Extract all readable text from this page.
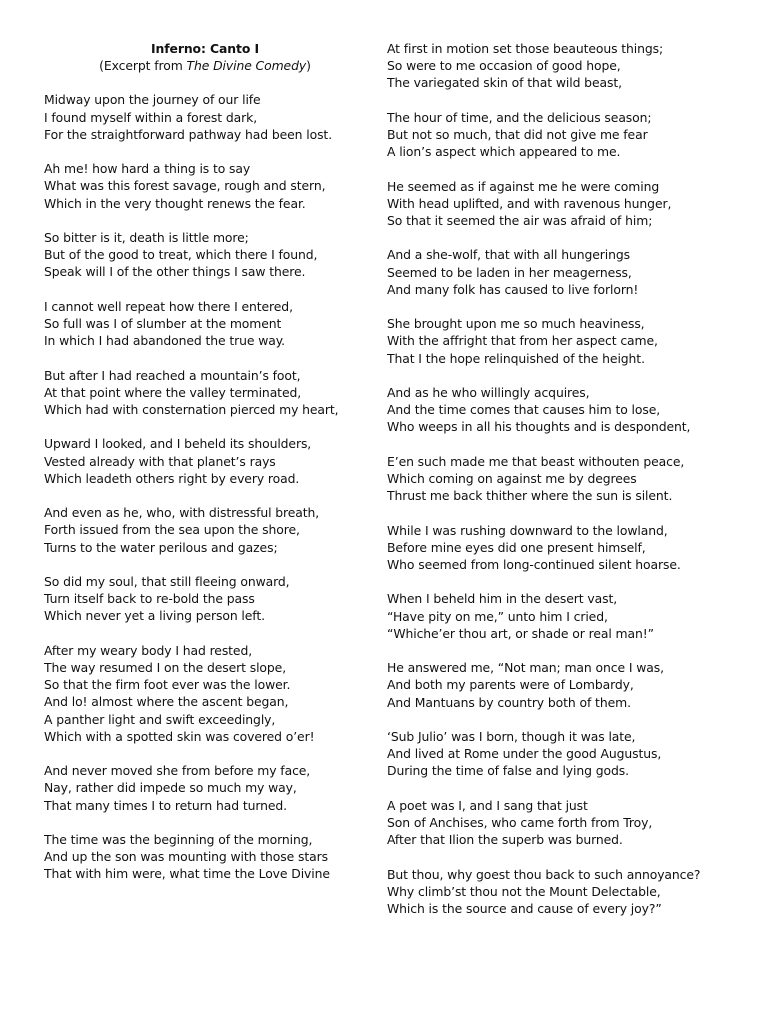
Inferno: Canto I

(Excerpt from The Divine Comedy)

Midway upon the journey of our life
I found myself within a forest dark,
For the straightforward pathway had been lost.
Ah me! how hard a thing is to say
What was this forest savage, rough and stern,
Which in the very thought renews the fear.
So bitter is it, death is little more;
But of the good to treat, which there I found,
Speak will I of the other things I saw there.
I cannot well repeat how there I entered,
So full was I of slumber at the moment
In which I had abandoned the true way.
But after I had reached a mountain’s foot,
At that point where the valley terminated,
Which had with consternation pierced my heart,
Upward I looked, and I beheld its shoulders,
Vested already with that planet’s rays
Which leadeth others right by every road.
And even as he, who, with distressful breath,
Forth issued from the sea upon the shore,
Turns to the water perilous and gazes;
So did my soul, that still fleeing onward,
Turn itself back to re-bold the pass
Which never yet a living person left.
After my weary body I had rested,
The way resumed I on the desert slope,
So that the firm foot ever was the lower.
And lo! almost where the ascent began,
A panther light and swift exceedingly,
Which with a spotted skin was covered o’er!
And never moved she from before my face,
Nay, rather did impede so much my way,
That many times I to return had turned.
The time was the beginning of the morning,
And up the son was mounting with those stars
That with him were, what time the Love Divine
At first in motion set those beauteous things;
So were to me occasion of good hope,
The variegated skin of that wild beast,
The hour of time, and the delicious season;
But not so much, that did not give me fear
A lion’s aspect which appeared to me.
He seemed as if against me he were coming
With head uplifted, and with ravenous hunger,
So that it seemed the air was afraid of him;
And a she-wolf, that with all hungerings
Seemed to be laden in her meagerness,
And many folk has caused to live forlorn!
She brought upon me so much heaviness,
With the affright that from her aspect came,
That I the hope relinquished of the height.
And as he who willingly acquires,
And the time comes that causes him to lose,
Who weeps in all his thoughts and is despondent,
E’en such made me that beast withouten peace,
Which coming on against me by degrees
Thrust me back thither where the sun is silent.
While I was rushing downward to the lowland,
Before mine eyes did one present himself,
Who seemed from long-continued silent hoarse.
When I beheld him in the desert vast,
“Have pity on me,” unto him I cried,
“Whiche’er thou art, or shade or real man!”
He answered me, “Not man; man once I was,
And both my parents were of Lombardy,
And Mantuans by country both of them.
‘Sub Julio’ was I born, though it was late,
And lived at Rome under the good Augustus,
During the time of false and lying gods.
A poet was I, and I sang that just
Son of Anchises, who came forth from Troy,
After that Ilion the superb was burned.
But thou, why goest thou back to such annoyance?
Why climb’st thou not the Mount Delectable,
Which is the source and cause of every joy?”
